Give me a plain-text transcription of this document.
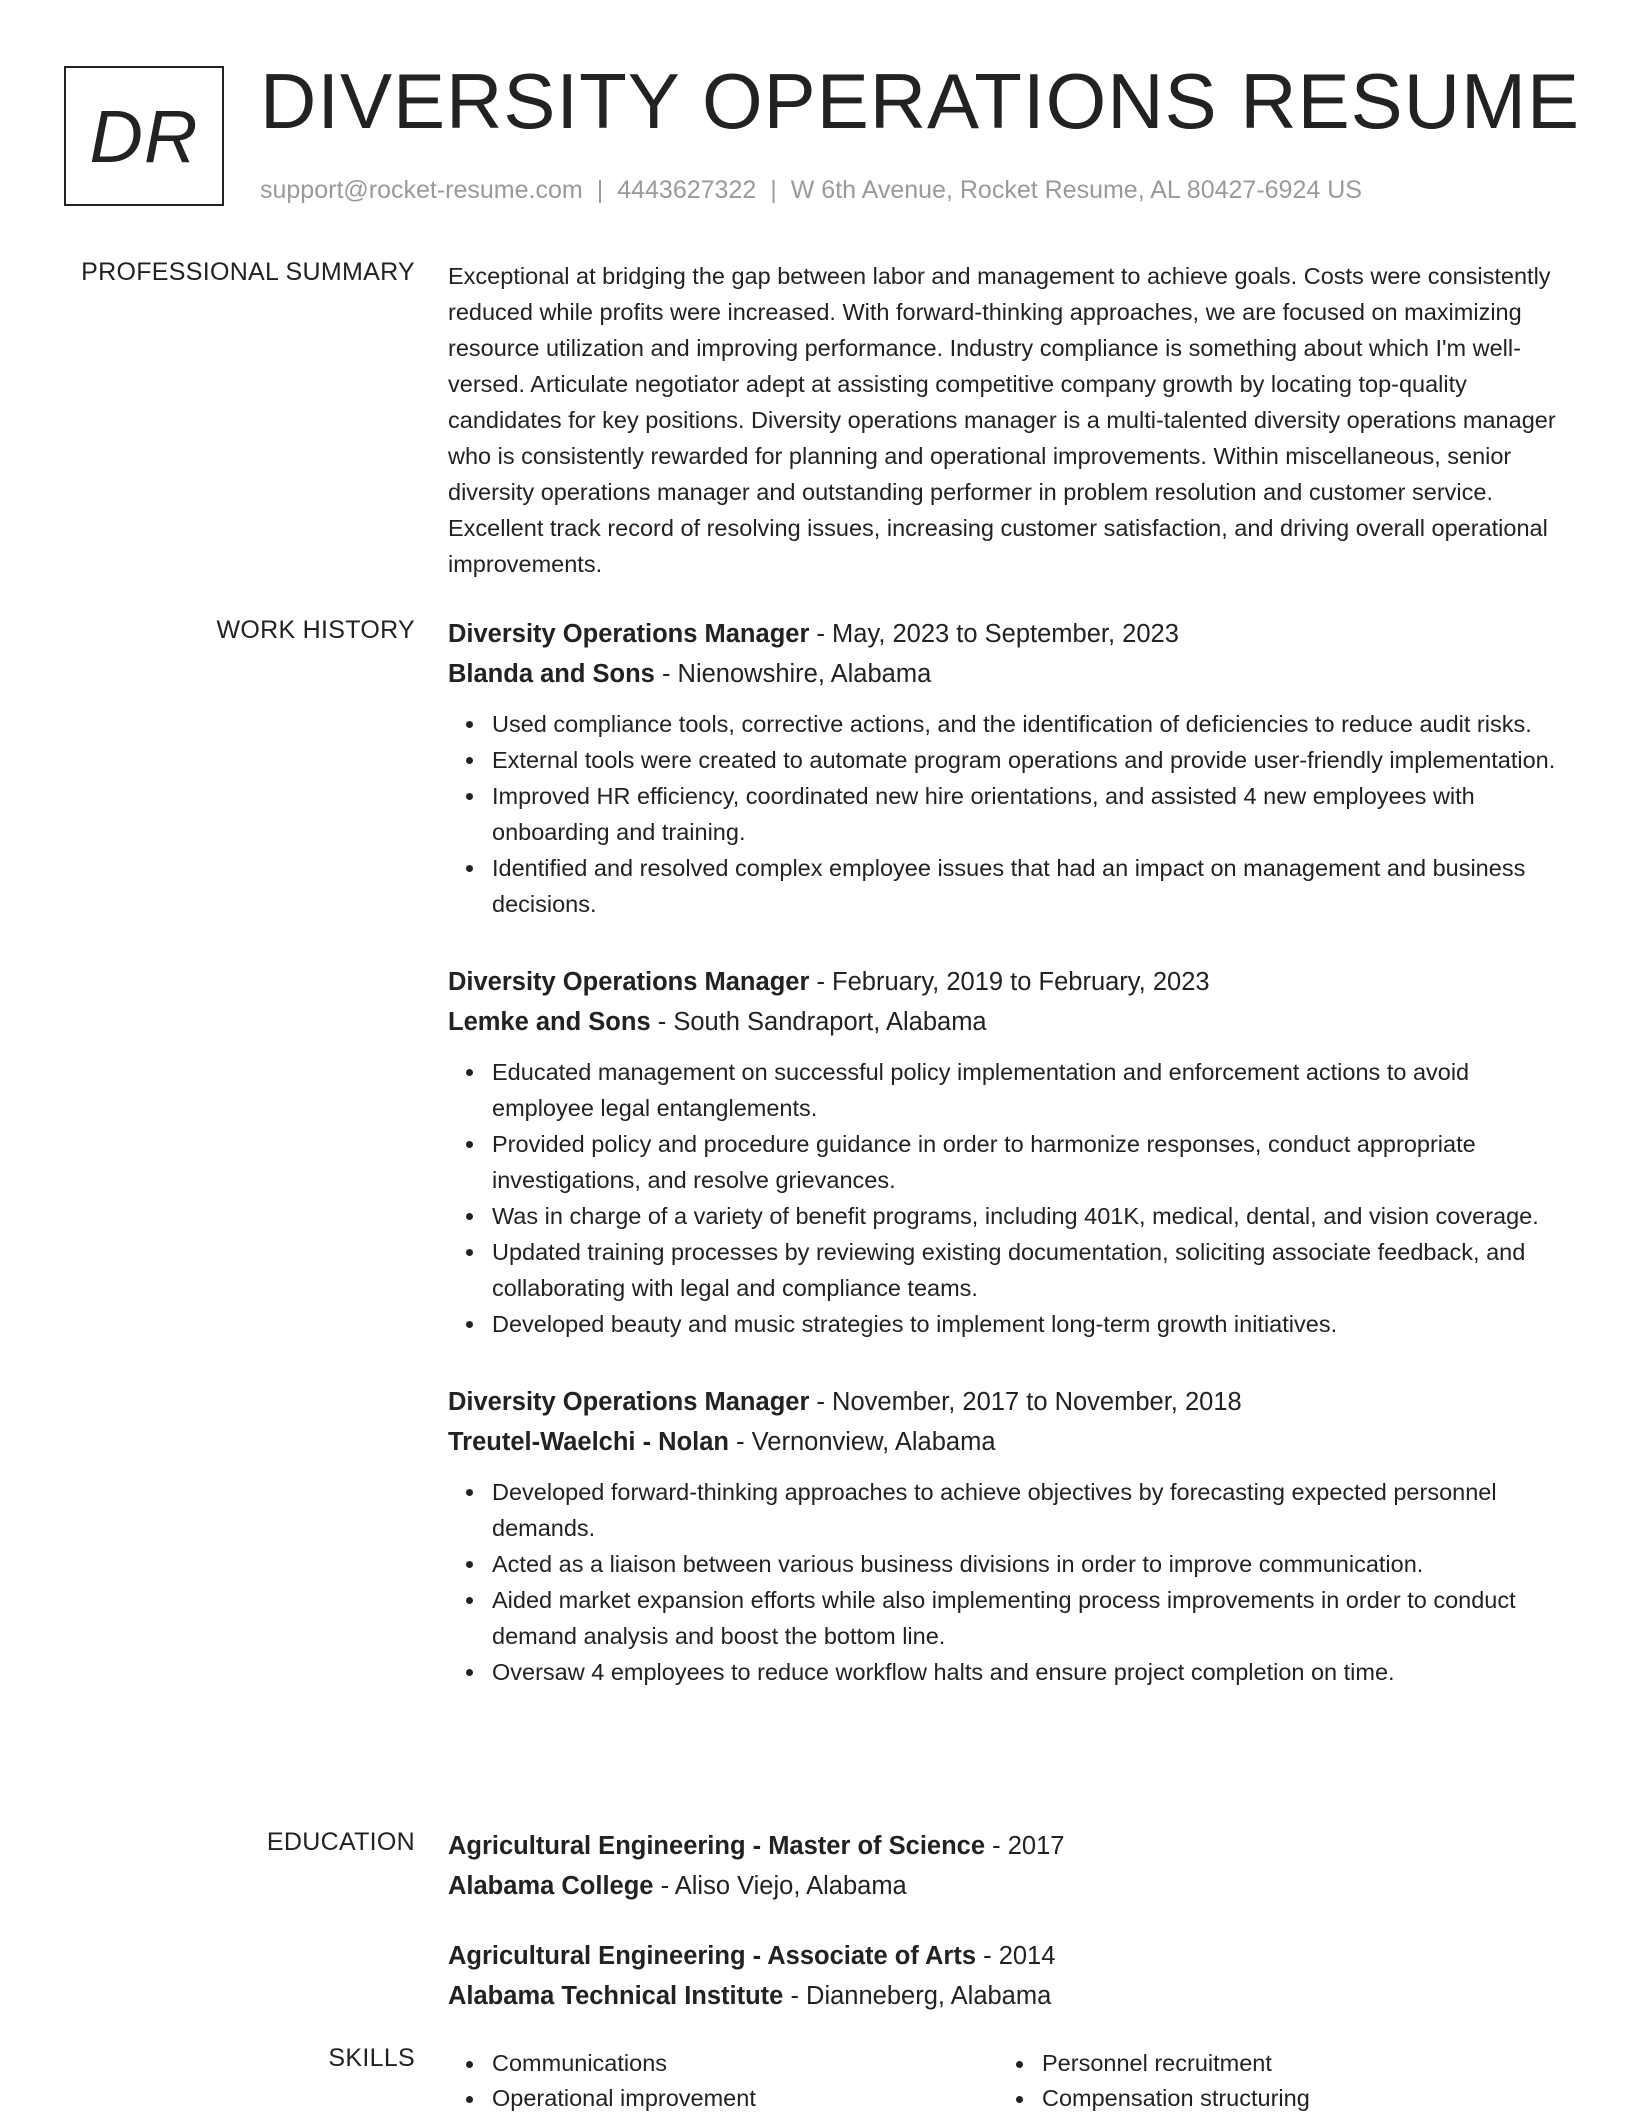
DR DIVERSITY OPERATIONS RESUME
support@rocket-resume.com | 4443627322 | W 6th Avenue, Rocket Resume, AL 80427-6924 US
PROFESSIONAL SUMMARY Exceptional at bridging the gap between labor and management to achieve goals. Costs were consistently reduced while profits were increased. With forward-thinking approaches, we are focused on maximizing resource utilization and improving performance. Industry compliance is something about which I'm well-versed. Articulate negotiator adept at assisting competitive company growth by locating top-quality candidates for key positions. Diversity operations manager is a multi-talented diversity operations manager who is consistently rewarded for planning and operational improvements. Within miscellaneous, senior diversity operations manager and outstanding performer in problem resolution and customer service. Excellent track record of resolving issues, increasing customer satisfaction, and driving overall operational improvements.

WORK HISTORY Diversity Operations Manager - May, 2023 to September, 2023
Blanda and Sons - Nienowshire, Alabama
Used compliance tools, corrective actions, and the identification of deficiencies to reduce audit risks.
External tools were created to automate program operations and provide user-friendly implementation.
Improved HR efficiency, coordinated new hire orientations, and assisted 4 new employees with onboarding and training.
Identified and resolved complex employee issues that had an impact on management and business decisions.
Diversity Operations Manager - February, 2019 to February, 2023
Lemke and Sons - South Sandraport, Alabama
Educated management on successful policy implementation and enforcement actions to avoid employee legal entanglements.
Provided policy and procedure guidance in order to harmonize responses, conduct appropriate investigations, and resolve grievances.
Was in charge of a variety of benefit programs, including 401K, medical, dental, and vision coverage.
Updated training processes by reviewing existing documentation, soliciting associate feedback, and collaborating with legal and compliance teams.
Developed beauty and music strategies to implement long-term growth initiatives.
Diversity Operations Manager - November, 2017 to November, 2018
Treutel-Waelchi - Nolan - Vernonview, Alabama
Developed forward-thinking approaches to achieve objectives by forecasting expected personnel demands.
Acted as a liaison between various business divisions in order to improve communication.
Aided market expansion efforts while also implementing process improvements in order to conduct demand analysis and boost the bottom line.
Oversaw 4 employees to reduce workflow halts and ensure project completion on time.
EDUCATION Agricultural Engineering - Master of Science - 2017
Alabama College - Aliso Viejo, Alabama
Agricultural Engineering - Associate of Arts - 2014
Alabama Technical Institute - Dianneberg, Alabama
SKILLS	Communications
Operational improvement
Personnel recruitment
Compensation structuring
